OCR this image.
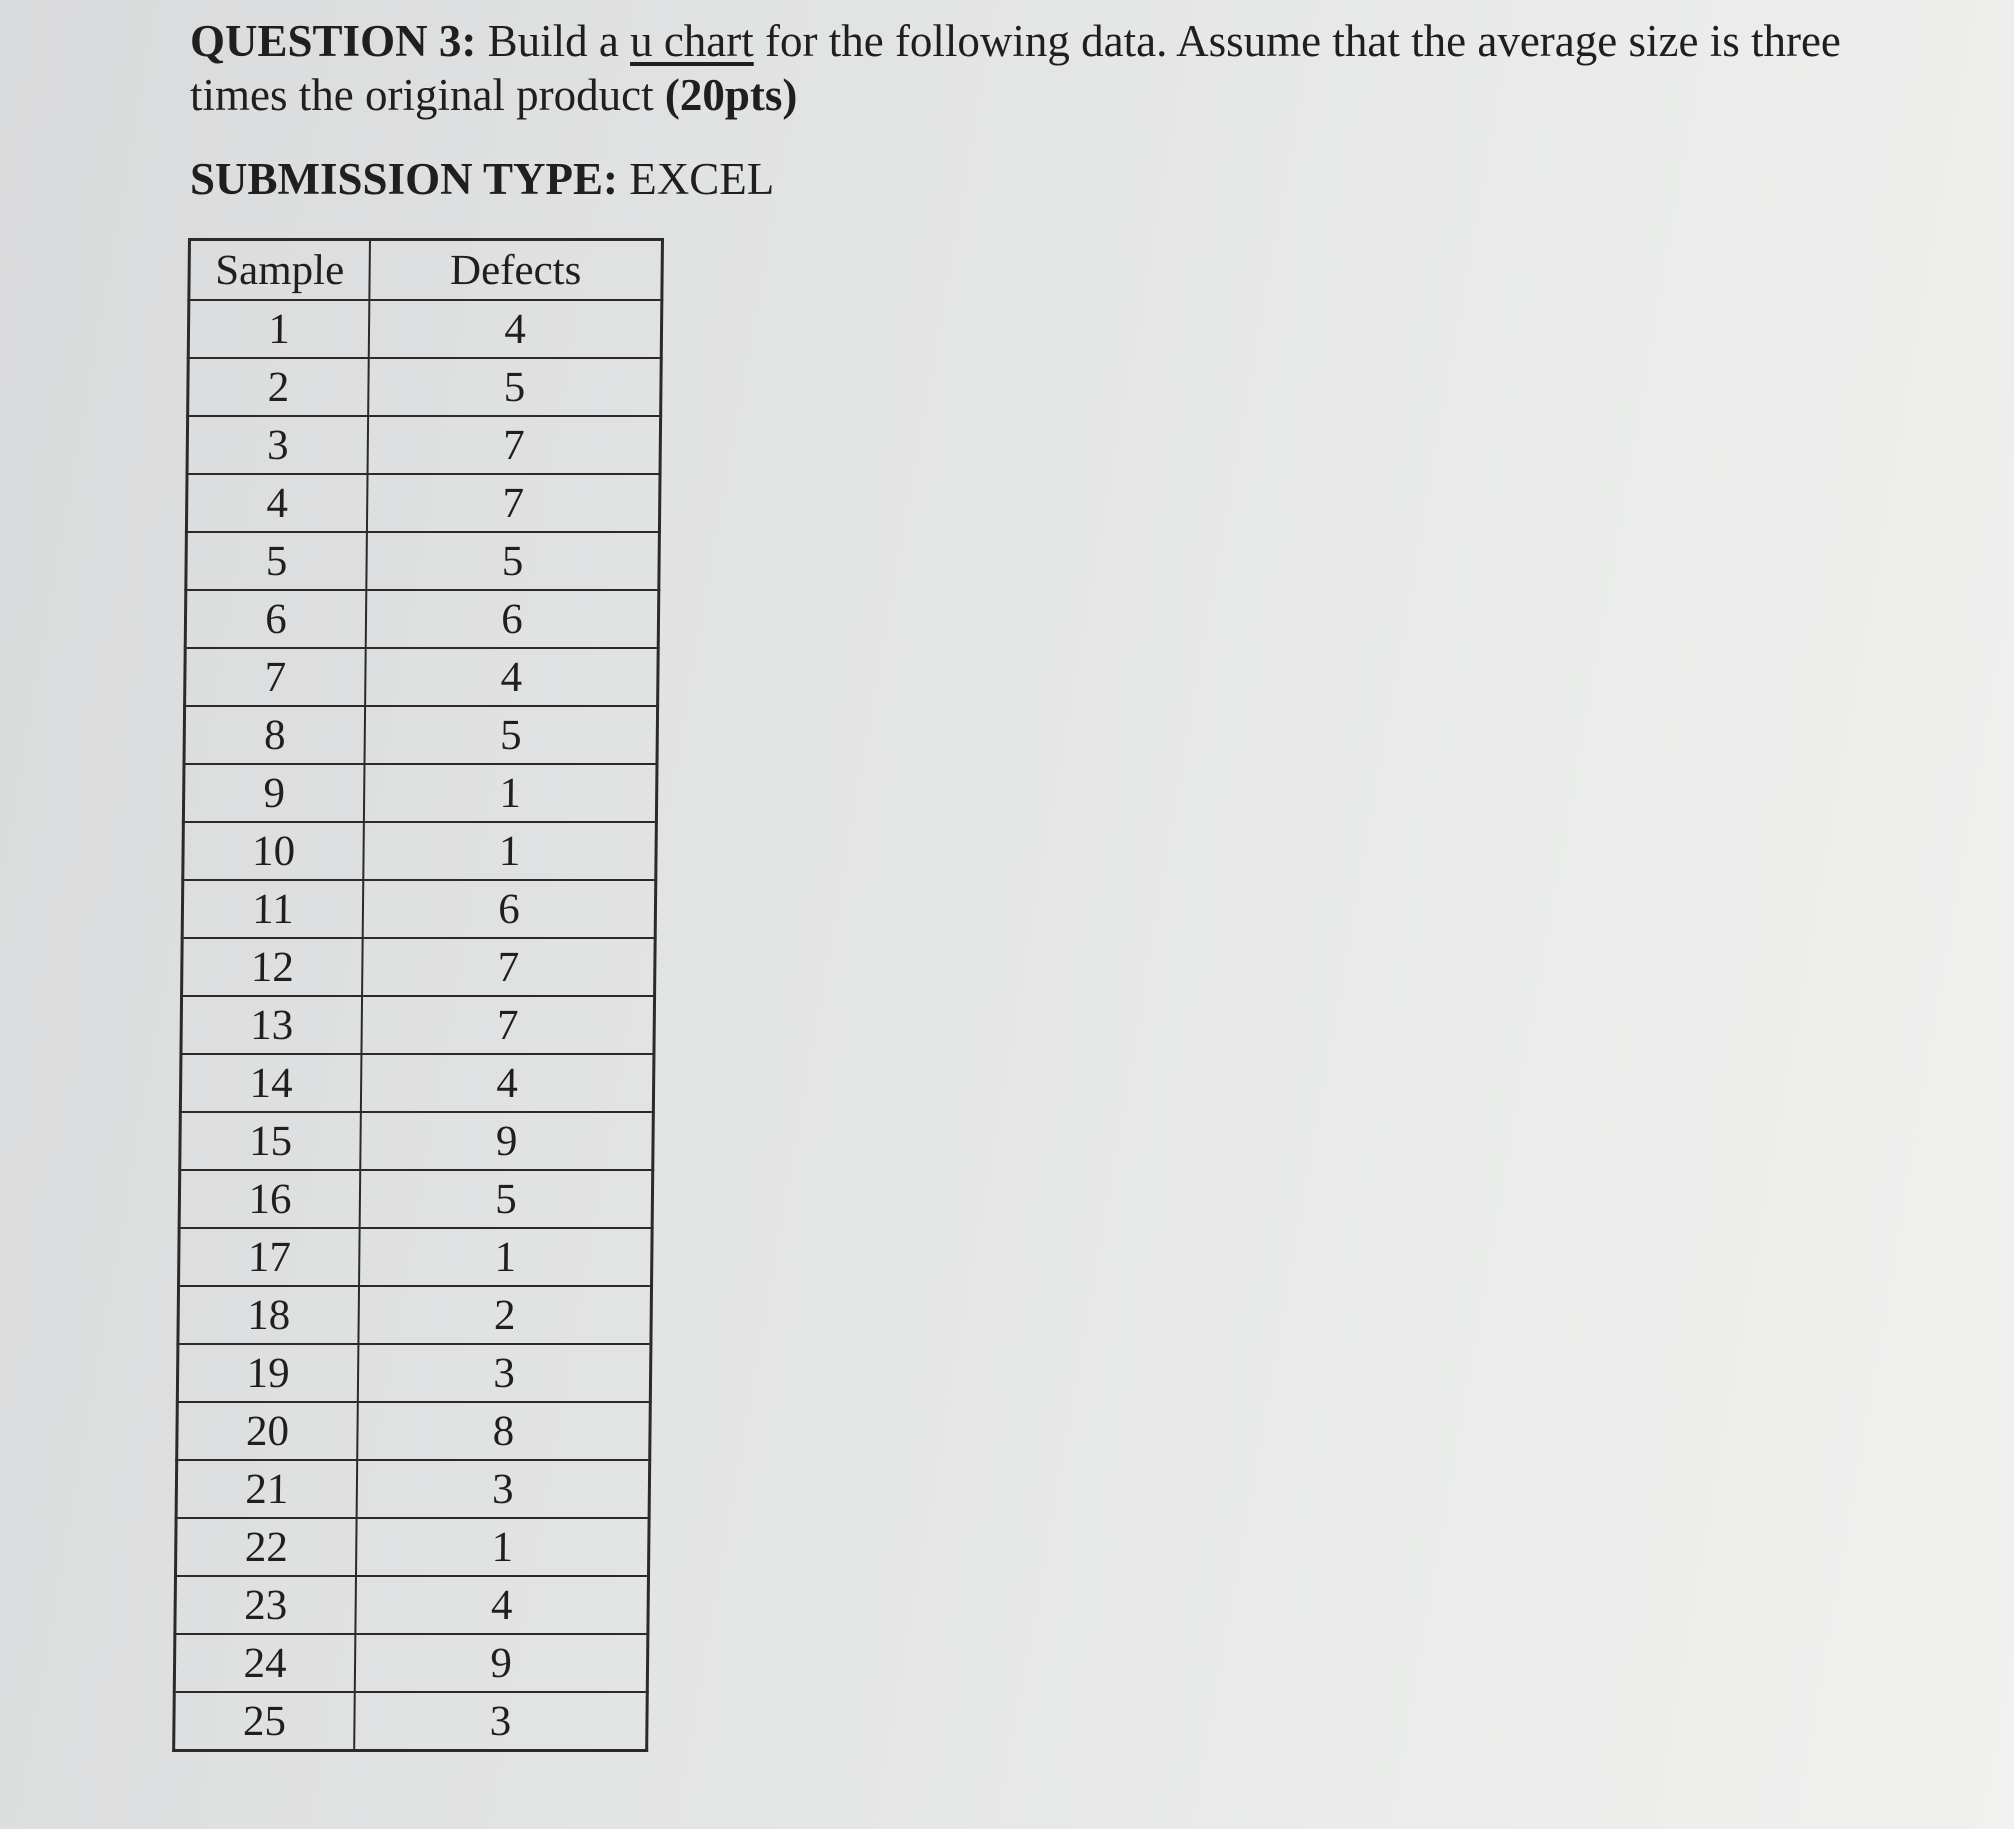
QUESTION 3: Build a u chart for the following data. Assume that the average size is three
times the original product (20pts)
SUBMISSION TYPE: EXCEL
Sample	Defects
1	4
2	5
3	7
4	7
5	5
6	6
7	4
8	5
9	1
10	1
11	6
12	7
13	7
14	4
15	9
16	5
17	1
18	2
19	3
20	8
21	3
22	1
23	4
24	9
25	3
